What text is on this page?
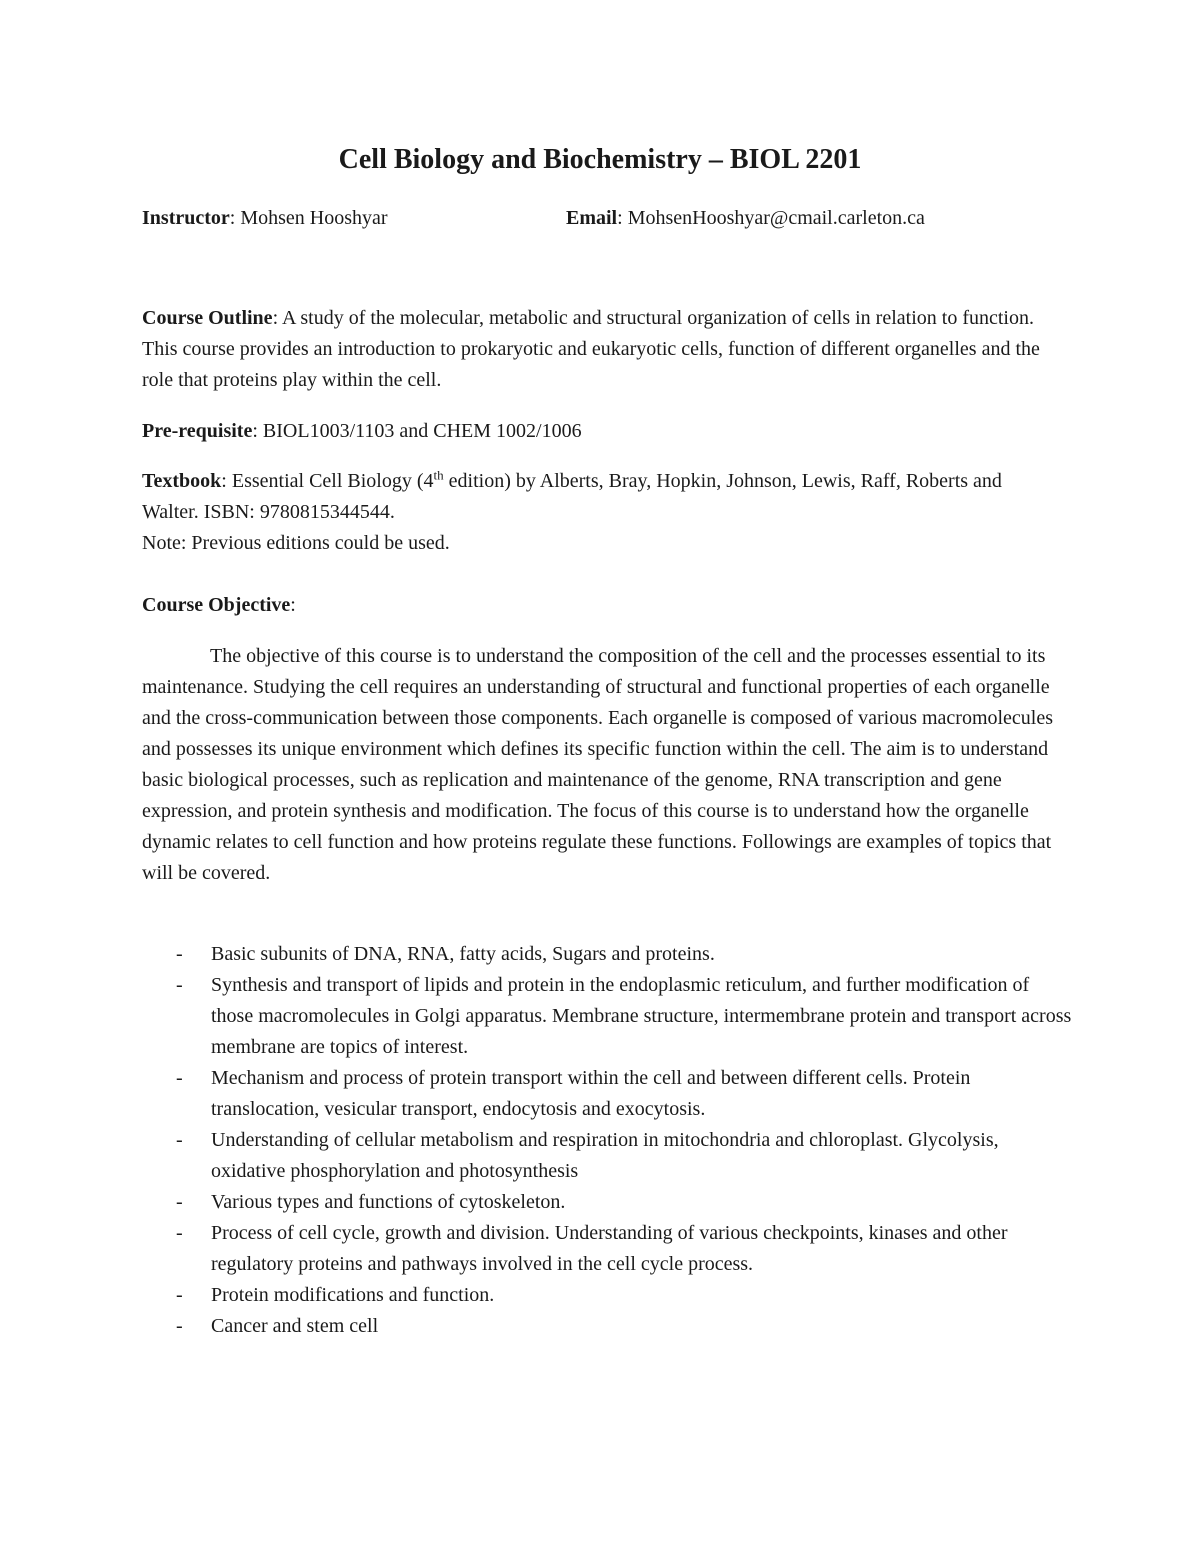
Cell Biology and Biochemistry – BIOL 2201
Instructor: Mohsen Hooshyar	Email: MohsenHooshyar@cmail.carleton.ca

Course Outline: A study of the molecular, metabolic and structural organization of cells in relation to function. This course provides an introduction to prokaryotic and eukaryotic cells, function of different organelles and the role that proteins play within the cell.

Pre-requisite: BIOL1003/1103 and CHEM 1002/1006

Textbook: Essential Cell Biology (4th edition) by Alberts, Bray, Hopkin, Johnson, Lewis, Raff, Roberts and Walter. ISBN: 9780815344544.

Note: Previous editions could be used.

Course Objective:

The objective of this course is to understand the composition of the cell and the processes essential to its maintenance. Studying the cell requires an understanding of structural and functional properties of each organelle and the cross-communication between those components. Each organelle is composed of various macromolecules and possesses its unique environment which defines its specific function within the cell. The aim is to understand basic biological processes, such as replication and maintenance of the genome, RNA transcription and gene expression, and protein synthesis and modification. The focus of this course is to understand how the organelle dynamic relates to cell function and how proteins regulate these functions. Followings are examples of topics that will be covered.

- Basic subunits of DNA, RNA, fatty acids, Sugars and proteins.
- Synthesis and transport of lipids and protein in the endoplasmic reticulum, and further modification of those macromolecules in Golgi apparatus. Membrane structure, intermembrane protein and transport across membrane are topics of interest.
- Mechanism and process of protein transport within the cell and between different cells. Protein translocation, vesicular transport, endocytosis and exocytosis.
- Understanding of cellular metabolism and respiration in mitochondria and chloroplast. Glycolysis, oxidative phosphorylation and photosynthesis
- Various types and functions of cytoskeleton.
- Process of cell cycle, growth and division. Understanding of various checkpoints, kinases and other regulatory proteins and pathways involved in the cell cycle process.
- Protein modifications and function.
- Cancer and stem cell
